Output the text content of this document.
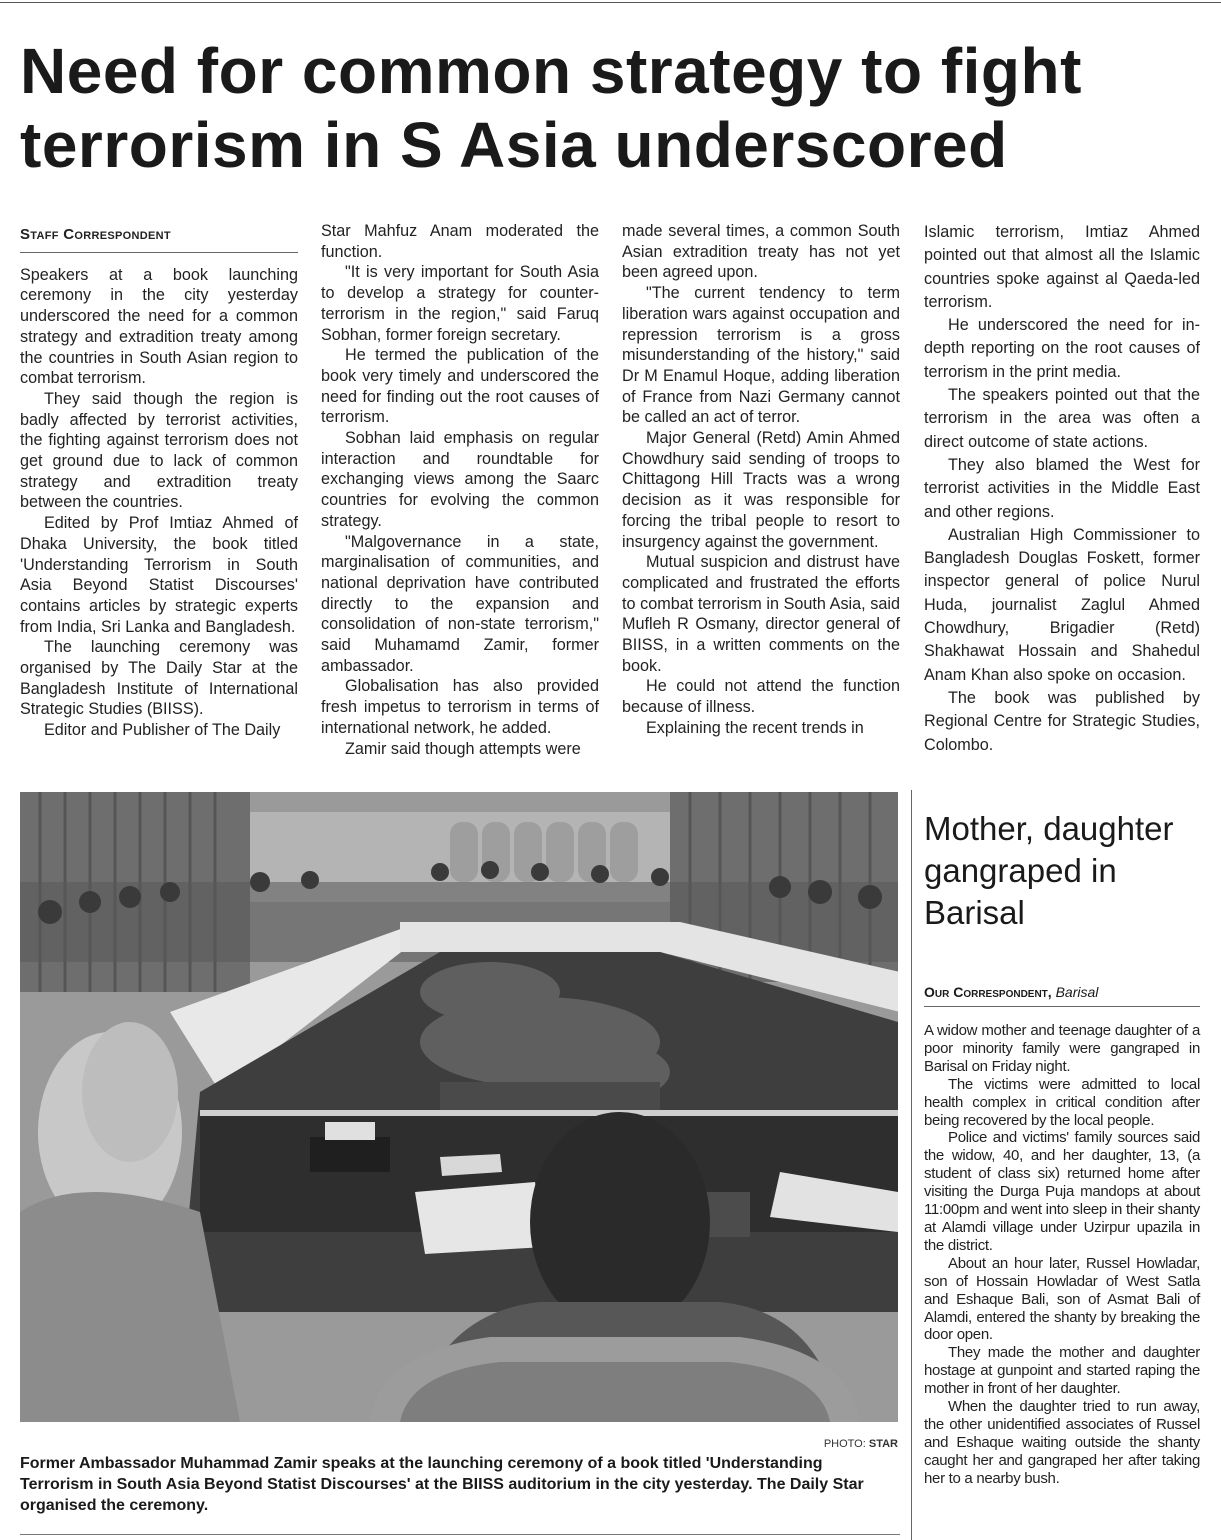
Need for common strategy to fight terrorism in S Asia underscored
Staff Correspondent

Speakers at a book launching ceremony in the city yesterday underscored the need for a common strategy and extradition treaty among the countries in South Asian region to combat terrorism.

They said though the region is badly affected by terrorist activities, the fighting against terrorism does not get ground due to lack of common strategy and extradition treaty between the countries.

Edited by Prof Imtiaz Ahmed of Dhaka University, the book titled 'Understanding Terrorism in South Asia Beyond Statist Discourses' contains articles by strategic experts from India, Sri Lanka and Bangladesh.

The launching ceremony was organised by The Daily Star at the Bangladesh Institute of International Strategic Studies (BIISS).

Editor and Publisher of The Daily

Star Mahfuz Anam moderated the function.

"It is very important for South Asia to develop a strategy for counter-terrorism in the region," said Faruq Sobhan, former foreign secretary.

He termed the publication of the book very timely and underscored the need for finding out the root causes of terrorism.

Sobhan laid emphasis on regular interaction and roundtable for exchanging views among the Saarc countries for evolving the common strategy.

"Malgovernance in a state, marginalisation of communities, and national deprivation have contributed directly to the expansion and consolidation of non-state terrorism," said Muhamamd Zamir, former ambassador.

Globalisation has also provided fresh impetus to terrorism in terms of international network, he added.

Zamir said though attempts were

made several times, a common South Asian extradition treaty has not yet been agreed upon.

"The current tendency to term liberation wars against occupation and repression terrorism is a gross misunderstanding of the history," said Dr M Enamul Hoque, adding liberation of France from Nazi Germany cannot be called an act of terror.

Major General (Retd) Amin Ahmed Chowdhury said sending of troops to Chittagong Hill Tracts was a wrong decision as it was responsible for forcing the tribal people to resort to insurgency against the government.

Mutual suspicion and distrust have complicated and frustrated the efforts to combat terrorism in South Asia, said Mufleh R Osmany, director general of BIISS, in a written comments on the book.

He could not attend the function because of illness.

Explaining the recent trends in

Islamic terrorism, Imtiaz Ahmed pointed out that almost all the Islamic countries spoke against al Qaeda-led terrorism.

He underscored the need for in-depth reporting on the root causes of terrorism in the print media.

The speakers pointed out that the terrorism in the area was often a direct outcome of state actions.

They also blamed the West for terrorist activities in the Middle East and other regions.

Australian High Commissioner to Bangladesh Douglas Foskett, former inspector general of police Nurul Huda, journalist Zaglul Ahmed Chowdhury, Brigadier (Retd) Shakhawat Hossain and Shahedul Anam Khan also spoke on occasion.

The book was published by Regional Centre for Strategic Studies, Colombo.

PHOTO: STAR

Former Ambassador Muhammad Zamir speaks at the launching ceremony of a book titled 'Understanding Terrorism in South Asia Beyond Statist Discourses' at the BIISS auditorium in the city yesterday. The Daily Star organised the ceremony.

Mother, daughter gangraped in Barisal
Our Correspondent, Barisal

A widow mother and teenage daughter of a poor minority family were gangraped in Barisal on Friday night.

The victims were admitted to local health complex in critical condition after being recovered by the local people.

Police and victims' family sources said the widow, 40, and her daughter, 13, (a student of class six) returned home after visiting the Durga Puja mandops at about 11:00pm and went into sleep in their shanty at Alamdi village under Uzirpur upazila in the district.

About an hour later, Russel Howladar, son of Hossain Howladar of West Satla and Eshaque Bali, son of Asmat Bali of Alamdi, entered the shanty by breaking the door open.

They made the mother and daughter hostage at gunpoint and started raping the mother in front of her daughter.

When the daughter tried to run away, the other unidentified associates of Russel and Eshaque waiting outside the shanty caught her and gangraped her after taking her to a nearby bush.
